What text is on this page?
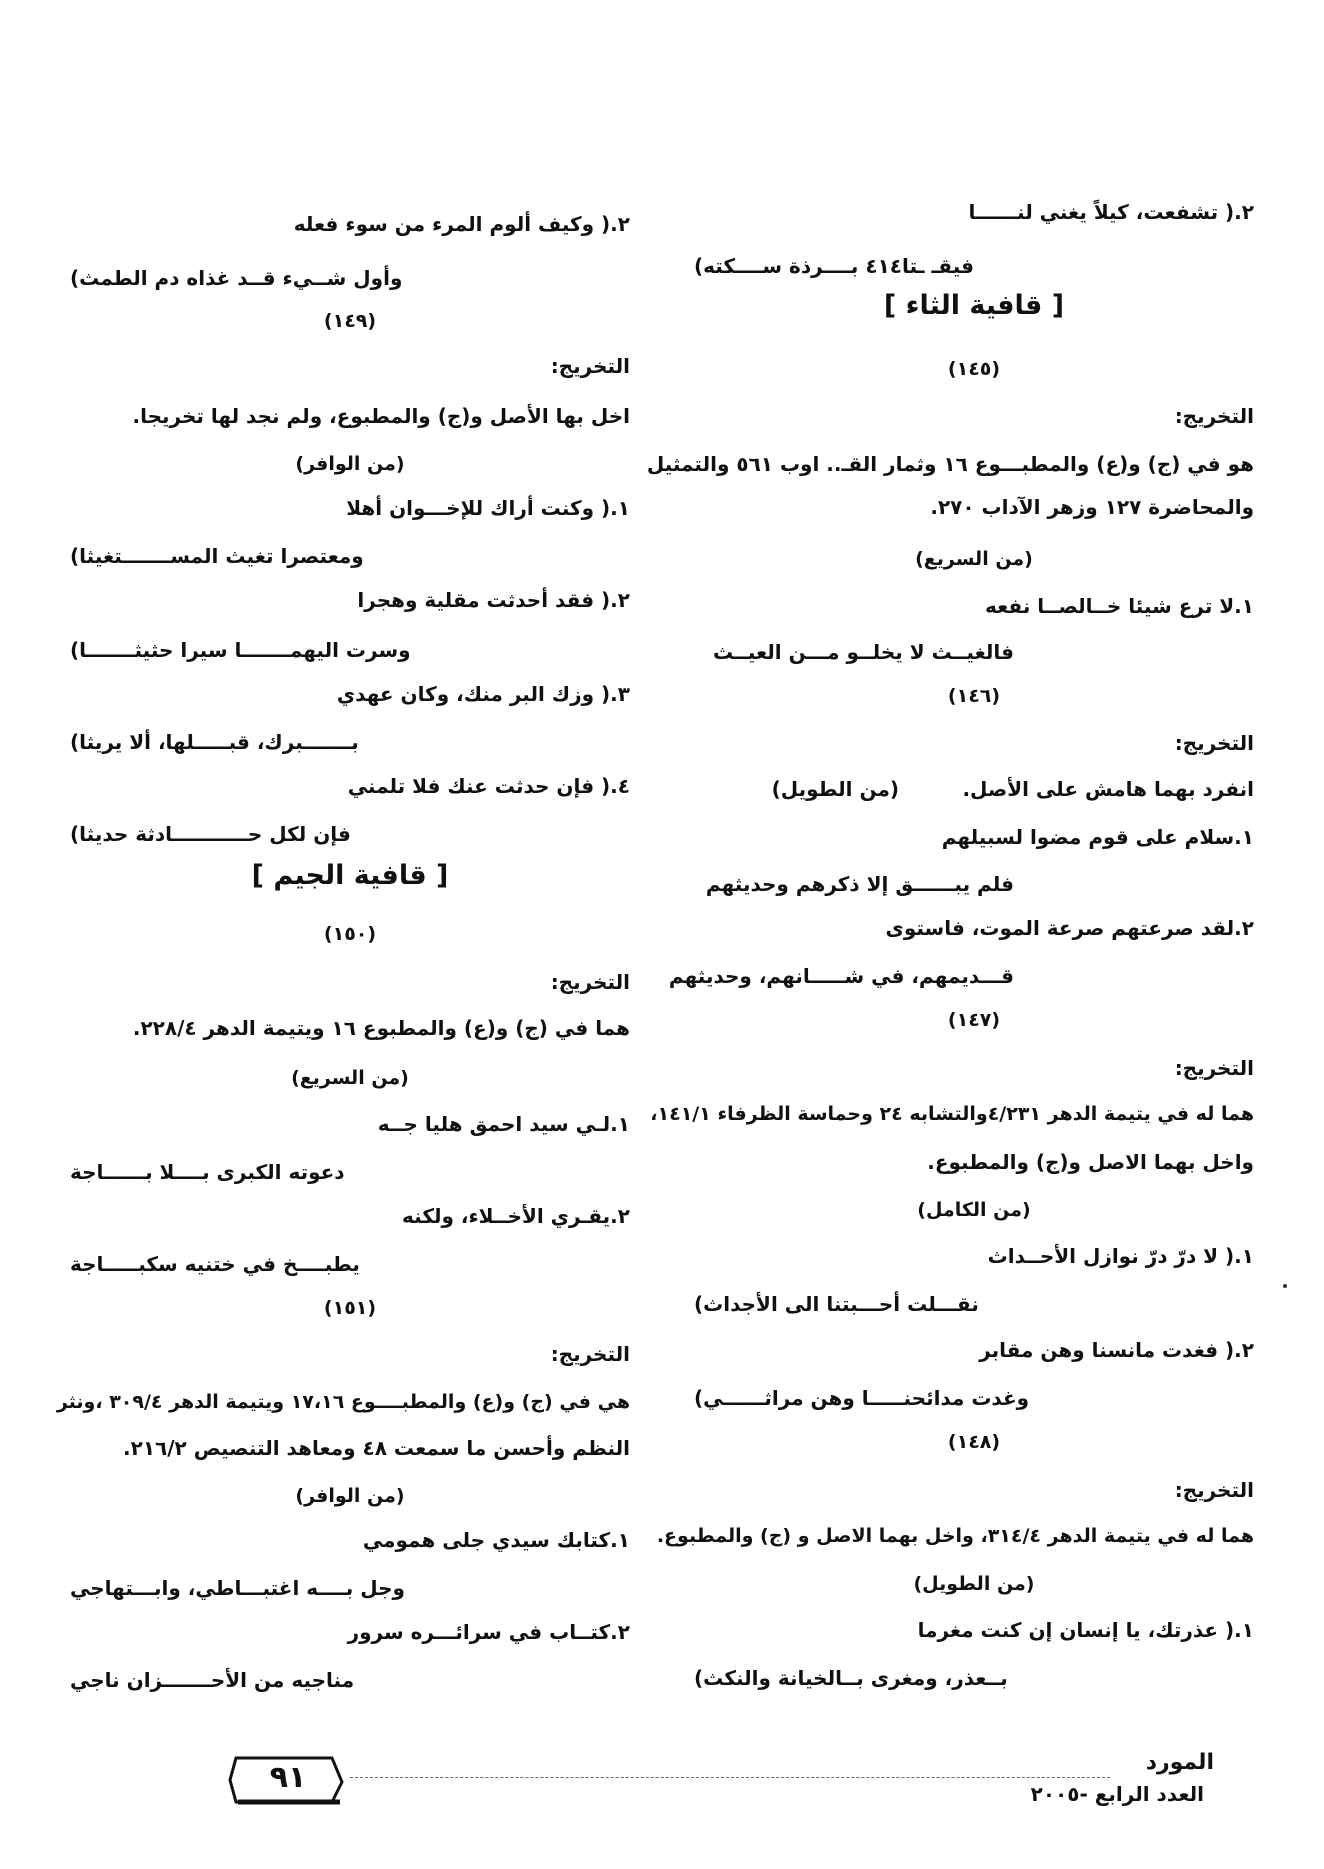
٢.( تشفعت، كيلاً يغني لنــــــا
فيقـ ـتا٤١٤ بــــرذة ســــكته)
[ قافية الثاء ]
(١٤٥)
التخريج:
هو في (ج) و(ع) والمطبـــوع ١٦ وثمار القـ.. اوب ٥٦١ والتمثيل
والمحاضرة ١٢٧ وزهر الآداب ٢٧٠.
(من السريع)
١.لا ترع شيئا خــالصــا نفعه
فالغيــث لا يخلــو مـــن العيــث
(١٤٦)
التخريج:
انفرد بهما هامش على الأصل.
(من الطويل)
١.سلام على قوم مضوا لسبيلهم
فلم يبــــــق إلا ذكرهم وحديثهم
٢.لقد صرعتهم صرعة الموت، فاستوى
قـــديمهم، في شـــــانهم، وحديثهم
(١٤٧)
التخريج:
هما له في يتيمة الدهر ٤/٢٣١والتشابه ٢٤ وحماسة الظرفاء ١٤١/١،
واخل بهما الاصل و(ج) والمطبوع.
(من الكامل)
١.( لا درّ درّ نوازل الأحــداث
نقـــلت أحـــبتنا الى الأجداث)
٢.( فغدت مانسنا وهن مقابر
وغدت مدائحنـــــا وهن مراثــــــي)
(١٤٨)
التخريج:
هما له في يتيمة الدهر ٣١٤/٤، واخل بهما الاصل و (ج) والمطبوع.
(من الطويل)
١.( عذرتك، يا إنسان إن كنت مغرما
بــعذر، ومغرى بــالخيانة والنكث)
٢.( وكيف ألوم المرء من سوء فعله
وأول شــيء قــد غذاه دم الطمث)
(١٤٩)
التخريج:
اخل بها الأصل و(ج) والمطبوع، ولم نجد لها تخريجا.
(من الوافر)
١.( وكنت أراك للإخـــوان أهلا
ومعتصرا تغيث المســـــــتغيثا)
٢.( فقد أحدثت مقلية وهجرا
وسرت اليهمـــــــا سيرا حثيثـــــــا)
٣.( وزك البر منك، وكان عهدي
بـــــــبرك، قبـــــلها، ألا يريثا)
٤.( فإن حدثت عنك فلا تلمني
فإن لكل حـــــــــــادثة حديثا)
[ قافية الجيم ]
(١٥٠)
التخريج:
هما في (ج) و(ع) والمطبوع ١٦ ويتيمة الدهر ٢٢٨/٤.
(من السريع)
١.لـي سيد احمق هليا جــه
دعوته الكبرى بــــلا بــــــاجة
٢.يقـري الأخــلاء، ولكنه
يطبــــخ في ختنيه سكبـــــاجة
(١٥١)
التخريج:
هي في (ج) و(ع) والمطبــــوع ١٧،١٦ ويتيمة الدهر ٣٠٩/٤ ،ونثر
النظم وأحسن ما سمعت ٤٨ ومعاهد التنصيص ٢١٦/٢.
(من الوافر)
١.كتابك سيدي جلى همومي
وجل بــــه اغتبـــاطي، وابـــتهاجي
٢.كتــاب في سرائـــره سرور
مناجيه من الأحـــــــزان ناجي
٩١	المورد
العدد الرابع -٢٠٠٥
